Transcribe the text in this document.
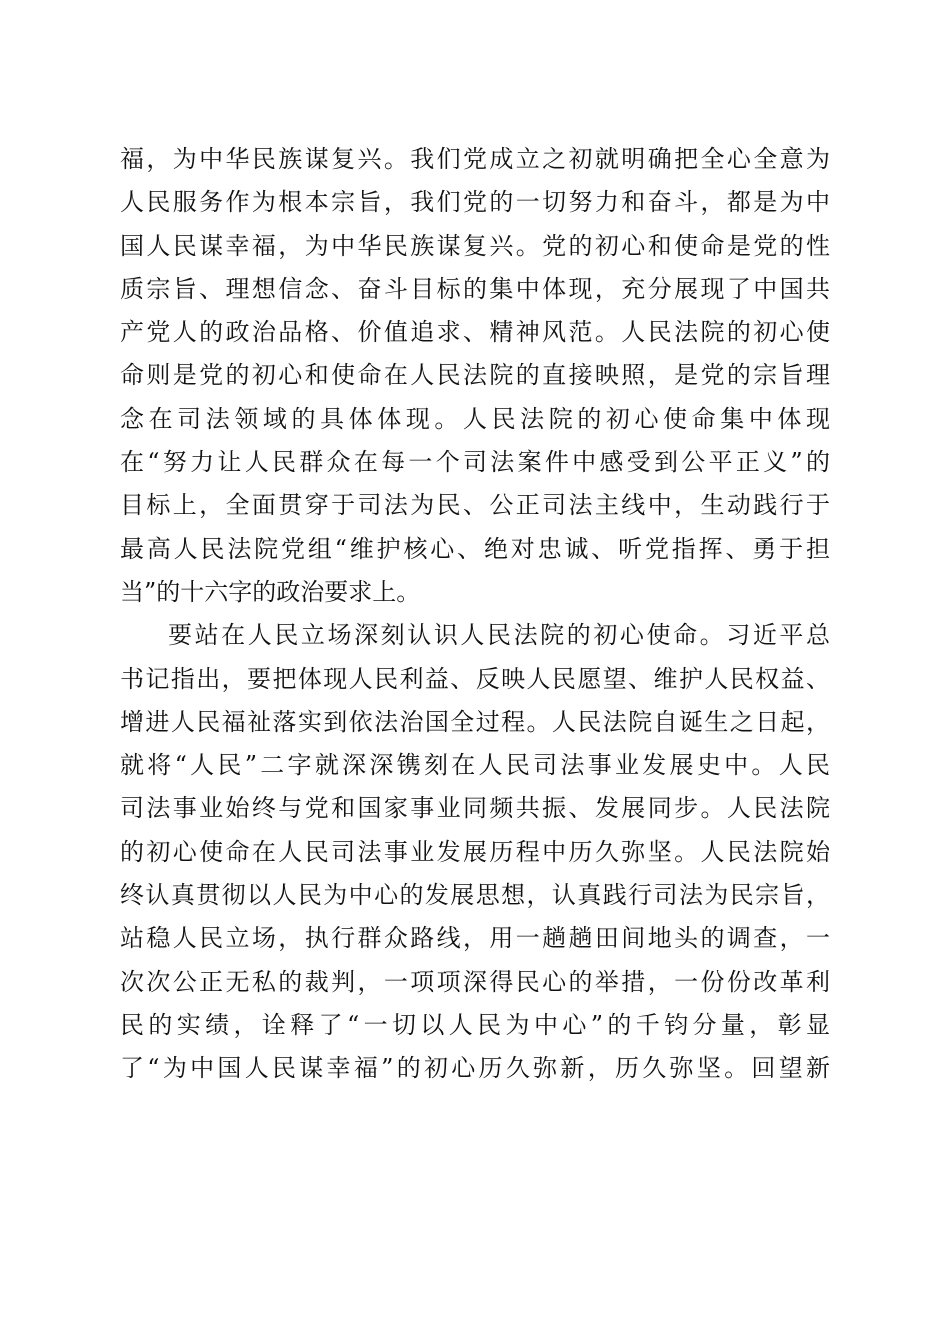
福，为中华民族谋复兴。我们党成立之初就明确把全心全意为
人民服务作为根本宗旨，我们党的一切努力和奋斗，都是为中
国人民谋幸福，为中华民族谋复兴。党的初心和使命是党的性
质宗旨、理想信念、奋斗目标的集中体现，充分展现了中国共
产党人的政治品格、价值追求、精神风范。人民法院的初心使
命则是党的初心和使命在人民法院的直接映照，是党的宗旨理
念在司法领域的具体体现。人民法院的初心使命集中体现
在“努力让人民群众在每一个司法案件中感受到公平正义”的
目标上，全面贯穿于司法为民、公正司法主线中，生动践行于
最高人民法院党组“维护核心、绝对忠诚、听党指挥、勇于担
当”的十六字的政治要求上。
要站在人民立场深刻认识人民法院的初心使命。习近平总
书记指出，要把体现人民利益、反映人民愿望、维护人民权益、
增进人民福祉落实到依法治国全过程。人民法院自诞生之日起，
就将“人民”二字就深深镌刻在人民司法事业发展史中。人民
司法事业始终与党和国家事业同频共振、发展同步。人民法院
的初心使命在人民司法事业发展历程中历久弥坚。人民法院始
终认真贯彻以人民为中心的发展思想，认真践行司法为民宗旨，
站稳人民立场，执行群众路线，用一趟趟田间地头的调查，一
次次公正无私的裁判，一项项深得民心的举措，一份份改革利
民的实绩，诠释了“一切以人民为中心”的千钧分量，彰显
了“为中国人民谋幸福”的初心历久弥新，历久弥坚。回望新
